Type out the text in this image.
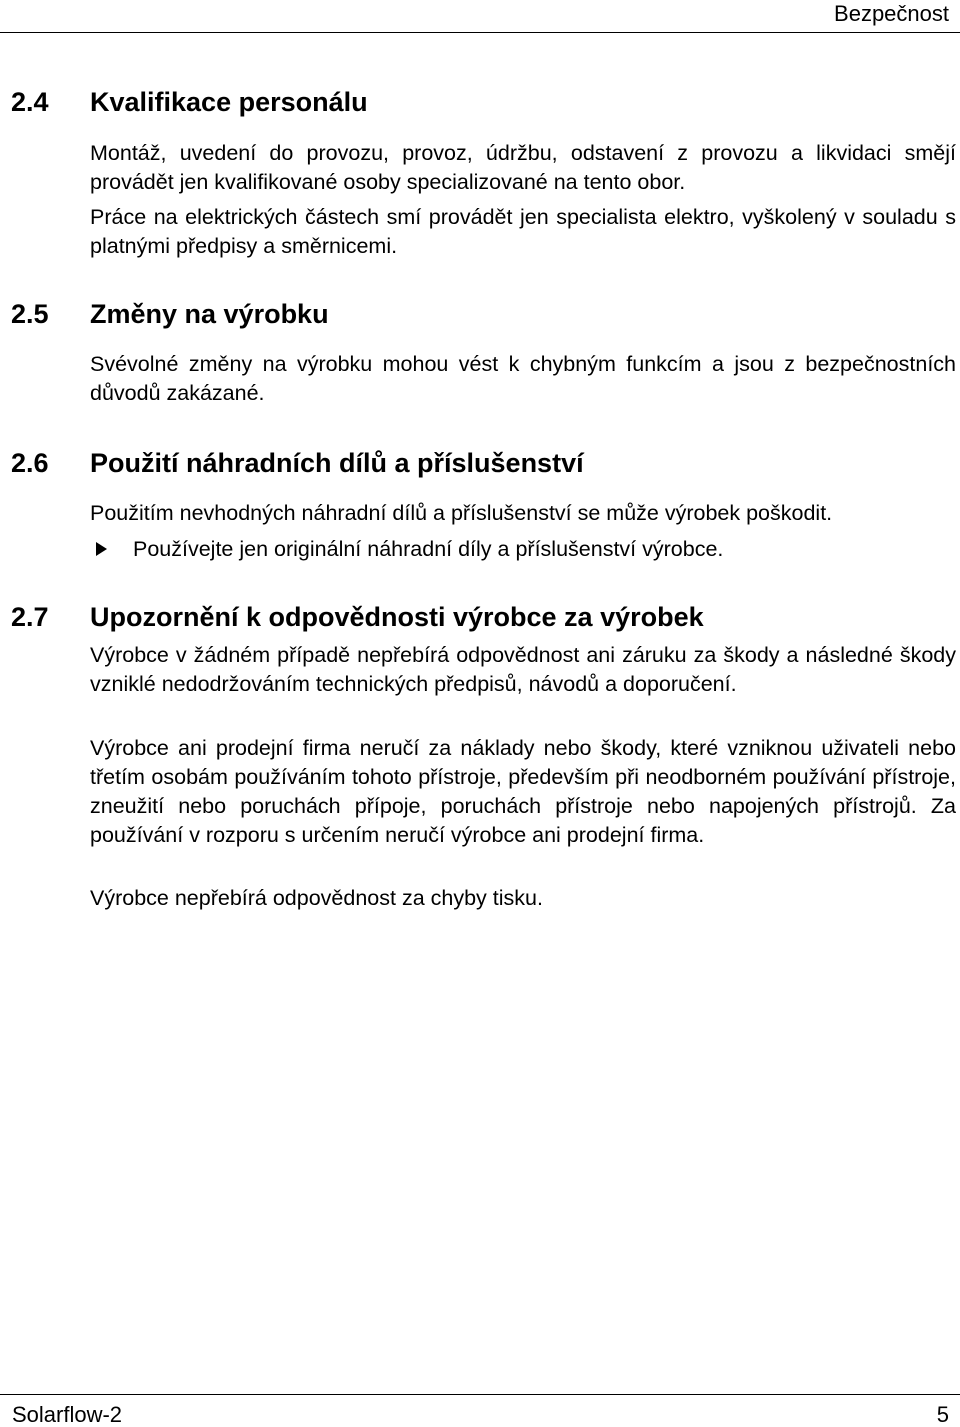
Bezpečnost
2.4 Kvalifikace personálu
Montáž, uvedení do provozu, provoz, údržbu, odstavení z provozu a likvidaci smějí provádět jen kvalifikované osoby specializované na tento obor.
Práce na elektrických částech smí provádět jen specialista elektro, vyškolený v souladu s platnými předpisy a směrnicemi.
2.5 Změny na výrobku
Svévolné změny na výrobku mohou vést k chybným funkcím a jsou z bezpečnostních důvodů zakázané.
2.6 Použití náhradních dílů a příslušenství
Použitím nevhodných náhradní dílů a příslušenství se může výrobek poškodit.
Používejte jen originální náhradní díly a příslušenství výrobce.
2.7 Upozornění k odpovědnosti výrobce za výrobek
Výrobce v žádném případě nepřebírá odpovědnost ani záruku za škody a následné škody vzniklé nedodržováním technických předpisů, návodů a doporučení.
Výrobce ani prodejní firma neručí za náklady nebo škody, které vzniknou uživateli nebo třetím osobám používáním tohoto přístroje, především při neodborném používání přístroje, zneužití nebo poruchách přípoje, poruchách přístroje nebo napojených přístrojů. Za používání v rozporu s určením neručí výrobce ani prodejní firma.
Výrobce nepřebírá odpovědnost za chyby tisku.
Solarflow-2	5
